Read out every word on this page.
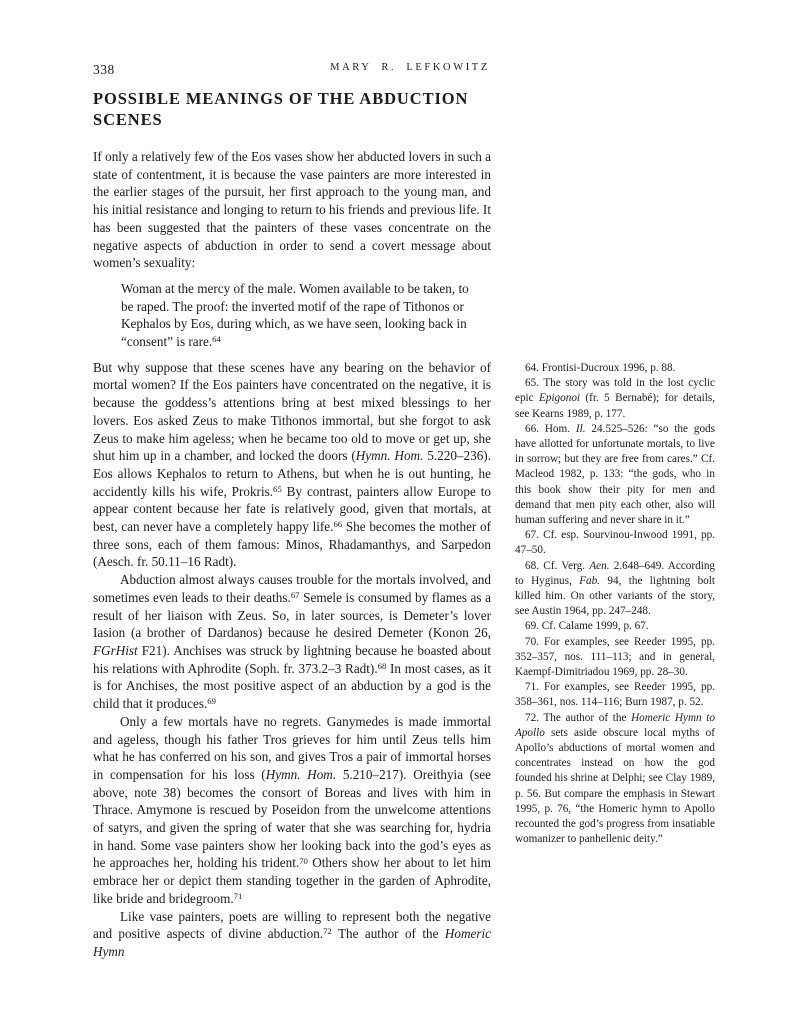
338	MARY R. LEFKOWITZ
POSSIBLE MEANINGS OF THE ABDUCTION SCENES

If only a relatively few of the Eos vases show her abducted lovers in such a state of contentment, it is because the vase painters are more interested in the earlier stages of the pursuit, her first approach to the young man, and his initial resistance and longing to return to his friends and previous life. It has been suggested that the painters of these vases concentrate on the negative aspects of abduction in order to send a covert message about women’s sexuality:

Woman at the mercy of the male. Women available to be taken, to be raped. The proof: the inverted motif of the rape of Tithonos or Kephalos by Eos, during which, as we have seen, looking back in “consent” is rare.$^{64}$

But why suppose that these scenes have any bearing on the behavior of mortal women? If the Eos painters have concentrated on the negative, it is because the goddess’s attentions bring at best mixed blessings to her lovers. Eos asked Zeus to make Tithonos immortal, but she forgot to ask Zeus to make him ageless; when he became too old to move or get up, she shut him up in a chamber, and locked the doors (Hymn. Hom. 5.220–236). Eos allows Kephalos to return to Athens, but when he is out hunting, he accidently kills his wife, Prokris.$^{65}$ By contrast, painters allow Europe to appear content because her fate is relatively good, given that mortals, at best, can never have a completely happy life.$^{66}$ She becomes the mother of three sons, each of them famous: Minos, Rhadamanthys, and Sarpedon (Aesch. fr. 50.11–16 Radt).

Abduction almost always causes trouble for the mortals involved, and sometimes even leads to their deaths.$^{67}$ Semele is consumed by flames as a result of her liaison with Zeus. So, in later sources, is Demeter’s lover Iasion (a brother of Dardanos) because he desired Demeter (Konon 26, FGrHist F21). Anchises was struck by lightning because he boasted about his relations with Aphrodite (Soph. fr. 373.2–3 Radt).$^{68}$ In most cases, as it is for Anchises, the most positive aspect of an abduction by a god is the child that it produces.$^{69}$

Only a few mortals have no regrets. Ganymedes is made immortal and ageless, though his father Tros grieves for him until Zeus tells him what he has conferred on his son, and gives Tros a pair of immortal horses in compensation for his loss (Hymn. Hom. 5.210–217). Oreithyia (see above, note 38) becomes the consort of Boreas and lives with him in Thrace. Amymone is rescued by Poseidon from the unwelcome attentions of satyrs, and given the spring of water that she was searching for, hydria in hand. Some vase painters show her looking back into the god’s eyes as he approaches her, holding his trident.$^{70}$ Others show her about to let him embrace her or depict them standing together in the garden of Aphrodite, like bride and bridegroom.$^{71}$

Like vase painters, poets are willing to represent both the negative and positive aspects of divine abduction.$^{72}$ The author of the Homeric Hymn

64. Frontisi-Ducroux 1996, p. 88.

65. The story was told in the lost cyclic epic Epigonoi (fr. 5 Bernabé); for details, see Kearns 1989, p. 177.

66. Hom. Il. 24.525–526: “so the gods have allotted for unfortunate mortals, to live in sorrow; but they are free from cares.” Cf. Macleod 1982, p. 133: “the gods, who in this book show their pity for men and demand that men pity each other, also will human suffering and never share in it.”

67. Cf. esp. Sourvinou-Inwood 1991, pp. 47–50.

68. Cf. Verg. Aen. 2.648–649. According to Hyginus, Fab. 94, the lightning bolt killed him. On other variants of the story, see Austin 1964, pp. 247–248.

69. Cf. Calame 1999, p. 67.

70. For examples, see Reeder 1995, pp. 352–357, nos. 111–113; and in general, Kaempf-Dimitriadou 1969, pp. 28–30.

71. For examples, see Reeder 1995, pp. 358–361, nos. 114–116; Burn 1987, p. 52.

72. The author of the Homeric Hymn to Apollo sets aside obscure local myths of Apollo’s abductions of mortal women and concentrates instead on how the god founded his shrine at Delphi; see Clay 1989, p. 56. But compare the emphasis in Stewart 1995, p. 76, “the Homeric hymn to Apollo recounted the god’s progress from insatiable womanizer to panhellenic deity.”
